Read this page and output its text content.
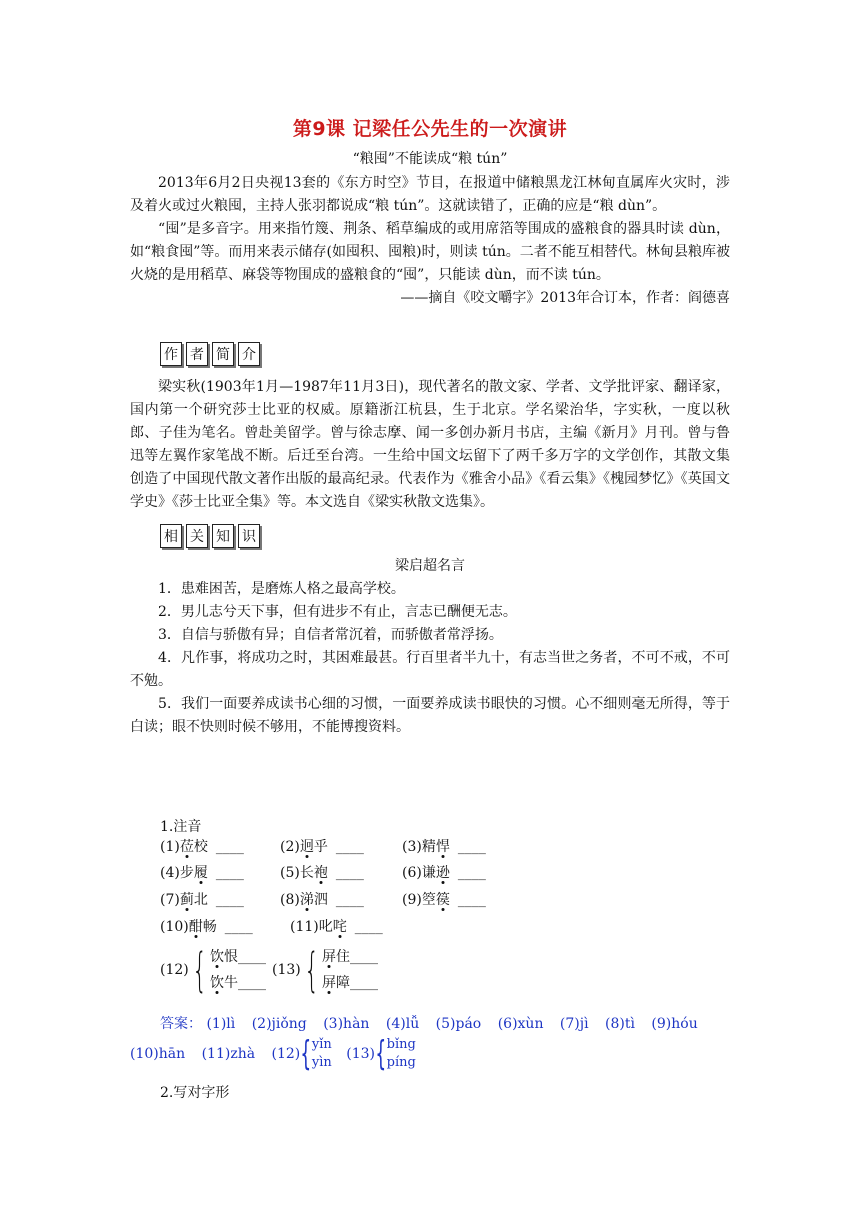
第9课 记梁任公先生的一次演讲
“粮囤”不能读成“粮 tún”

2013年6月2日央视13套的《东方时空》节目，在报道中储粮黑龙江林甸直属库火灾时，涉及着火或过火粮囤，主持人张羽都说成“粮 tún”。这就读错了，正确的应是“粮 dùn”。

“囤”是多音字。用来指竹篾、荆条、稻草编成的或用席箔等围成的盛粮食的器具时读 dùn，如“粮食囤”等。而用来表示储存(如囤积、囤粮)时，则读 tún。二者不能互相替代。林甸县粮库被火烧的是用稻草、麻袋等物围成的盛粮食的“囤”，只能读 dùn，而不读 tún。

——摘自《咬文嚼字》2013年合订本，作者：阎德喜

作 者 简 介

梁实秋(1903年1月—1987年11月3日)，现代著名的散文家、学者、文学批评家、翻译家，国内第一个研究莎士比亚的权威。原籍浙江杭县，生于北京。学名梁治华，字实秋，一度以秋郎、子佳为笔名。曾赴美留学。曾与徐志摩、闻一多创办新月书店，主编《新月》月刊。曾与鲁迅等左翼作家笔战不断。后迁至台湾。一生给中国文坛留下了两千多万字的文学创作，其散文集创造了中国现代散文著作出版的最高纪录。代表作为《雅舍小品》《看云集》《槐园梦忆》《英国文学史》《莎士比亚全集》等。本文选自《梁实秋散文选集》。

相 关 知 识

梁启超名言

1．患难困苦，是磨炼人格之最高学校。

2．男儿志兮天下事，但有进步不有止，言志已酬便无志。

3．自信与骄傲有异；自信者常沉着，而骄傲者常浮扬。

4．凡作事，将成功之时，其困难最甚。行百里者半九十，有志当世之务者，不可不戒，不可不勉。

5．我们一面要养成读书心细的习惯，一面要养成读书眼快的习惯。心不细则毫无所得，等于白读；眼不快则时候不够用，不能博搜资料。

1.注音
(1)莅校 ____	(2)迥乎 ____	(3)精悍 ____
(4)步履 ____	(5)长袍 ____	(6)谦逊 ____
(7)蓟北 ____	(8)涕泗 ____	(9)箜篌 ____
(10)酣畅 ____	(11)叱咤 ____
(12) { 饮恨____
饮牛____
(13) { 屏住____
屏障____
答案： (1)lì (2)jiǒng (3)hàn (4)lǚ (5)páo (6)xùn (7)jì (8)tì (9)hóu
(10)hān (11)zhà (12){ yǐn
yìn
(13){ bǐng
píng
2.写对字形
